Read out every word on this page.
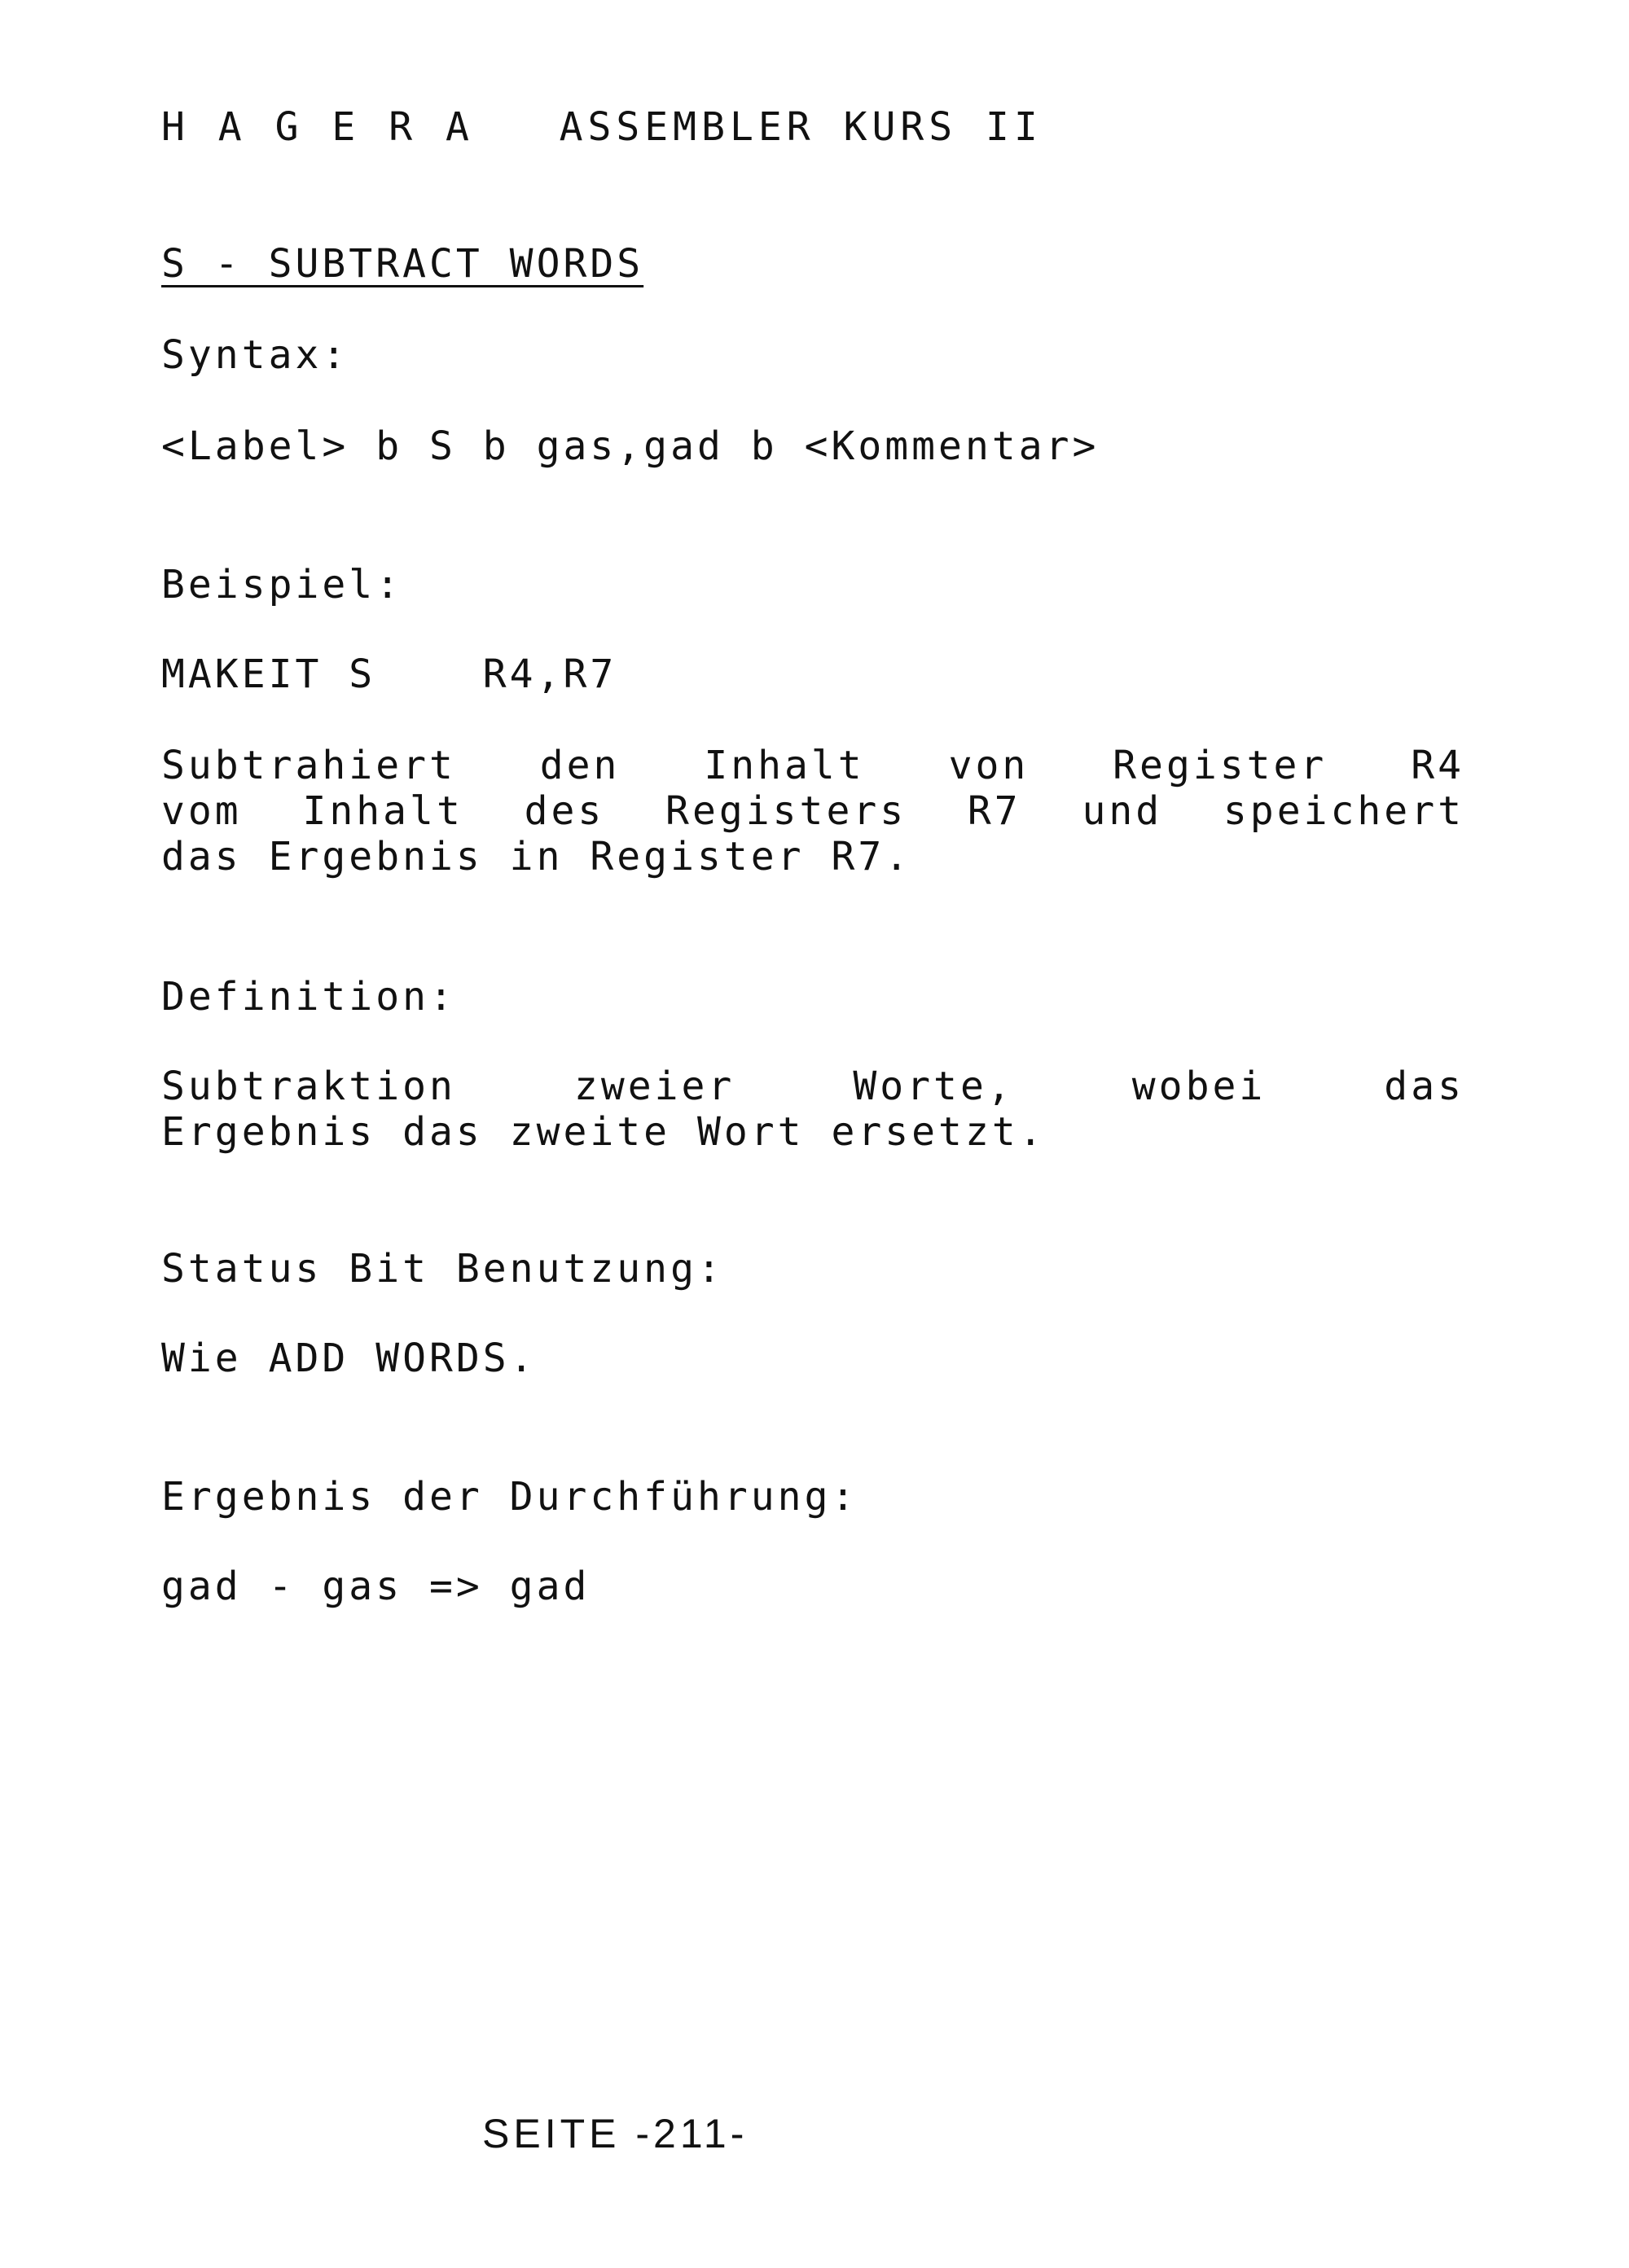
H A G E R A   ASSEMBLER KURS II
S - SUBTRACT WORDS
Syntax:
<Label> b S b gas,gad b <Kommentar>
Beispiel:
MAKEIT S    R4,R7
Subtrahiert den Inhalt von Register R4
vom Inhalt des Registers R7 und speichert
das Ergebnis in Register R7.
Definition:
Subtraktion zweier Worte, wobei das
Ergebnis das zweite Wort ersetzt.
Status Bit Benutzung:
Wie ADD WORDS.
Ergebnis der Durchführung:
gad - gas => gad
SEITE -211-
